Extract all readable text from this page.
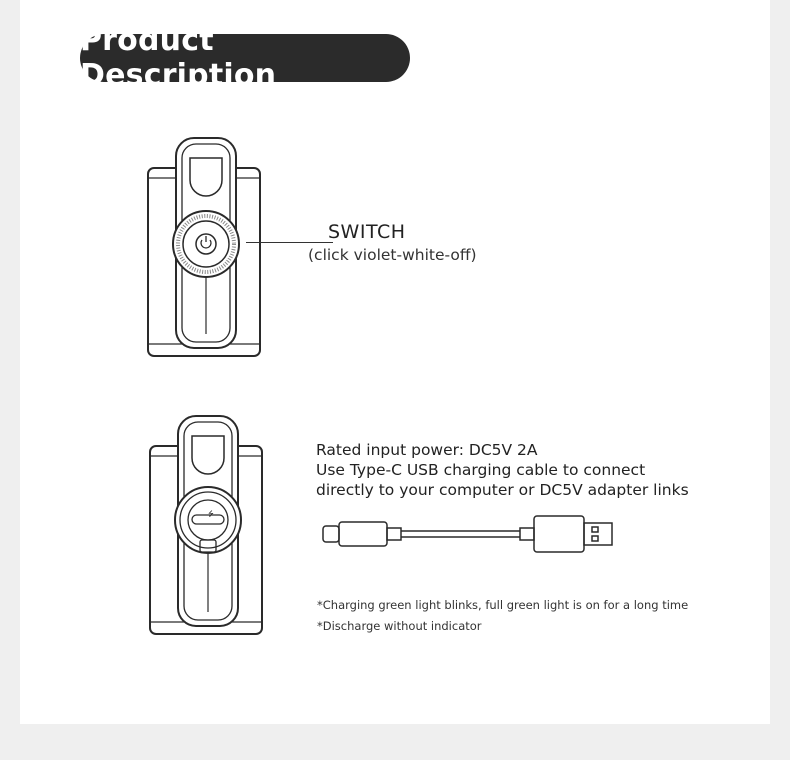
Product Description
SWITCH
(click violet-white-off)
⭍
Rated input power: DC5V 2A
Use Type-C USB charging cable to connect
directly to your computer or DC5V adapter links
*Charging green light blinks, full green light is on for a long time
*Discharge without indicator
